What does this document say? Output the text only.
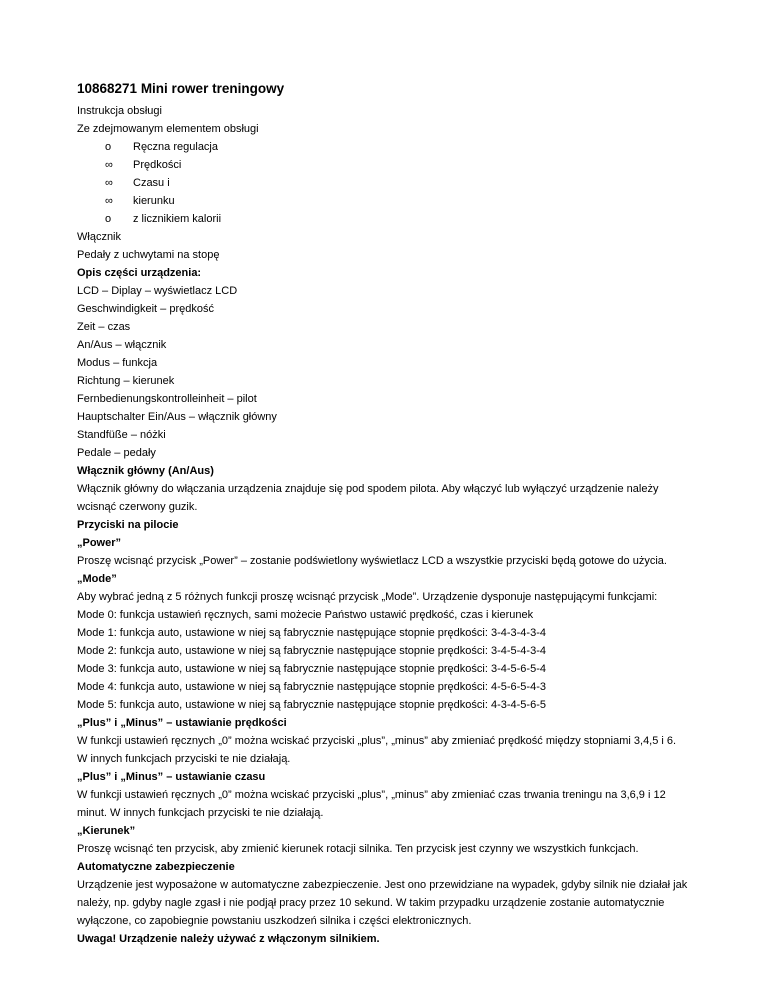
10868271 Mini rower treningowy
Instrukcja obsługi
Ze zdejmowanym elementem obsługi
o	Ręczna regulacja
∞	Prędkości
∞	Czasu i
∞	kierunku
o	z licznikiem kalorii
Włącznik
Pedały z uchwytami na stopę
Opis części urządzenia:
LCD – Diplay – wyświetlacz LCD
Geschwindigkeit – prędkość
Zeit – czas
An/Aus – włącznik
Modus – funkcja
Richtung – kierunek
Fernbedienungskontrolleinheit – pilot
Hauptschalter Ein/Aus – włącznik główny
Standfüße – nóżki
Pedale – pedały
Włącznik główny (An/Aus)
Włącznik główny do włączania urządzenia znajduje się pod spodem pilota. Aby włączyć lub wyłączyć urządzenie należy wcisnąć czerwony guzik.
Przyciski na pilocie
„Power”
Proszę wcisnąć przycisk „Power” – zostanie podświetlony wyświetlacz LCD a wszystkie przyciski będą gotowe do użycia.
„Mode”
Aby wybrać jedną z 5 różnych funkcji proszę wcisnąć przycisk „Mode”. Urządzenie dysponuje następującymi funkcjami:
Mode 0: funkcja ustawień ręcznych, sami możecie Państwo ustawić prędkość, czas i kierunek
Mode 1: funkcja auto, ustawione w niej są fabrycznie następujące stopnie prędkości: 3-4-3-4-3-4
Mode 2: funkcja auto, ustawione w niej są fabrycznie następujące stopnie prędkości: 3-4-5-4-3-4
Mode 3: funkcja auto, ustawione w niej są fabrycznie następujące stopnie prędkości: 3-4-5-6-5-4
Mode 4: funkcja auto, ustawione w niej są fabrycznie następujące stopnie prędkości: 4-5-6-5-4-3
Mode 5: funkcja auto, ustawione w niej są fabrycznie następujące stopnie prędkości: 4-3-4-5-6-5
„Plus” i „Minus” – ustawianie prędkości
W funkcji ustawień ręcznych „0” można wciskać przyciski „plus”, „minus” aby zmieniać prędkość między stopniami 3,4,5 i 6.
W innych funkcjach przyciski te nie działają.
„Plus” i „Minus” – ustawianie czasu
W funkcji ustawień ręcznych „0” można wciskać przyciski „plus”, „minus” aby zmieniać czas trwania treningu na 3,6,9 i 12
minut. W innych funkcjach przyciski te nie działają.
„Kierunek”
Proszę wcisnąć ten przycisk, aby zmienić kierunek rotacji silnika. Ten przycisk jest czynny we wszystkich funkcjach.
Automatyczne zabezpieczenie
Urządzenie jest wyposażone w automatyczne zabezpieczenie. Jest ono przewidziane na wypadek, gdyby silnik nie działał jak
należy, np. gdyby nagle zgasł i nie podjął pracy przez 10 sekund. W takim przypadku urządzenie zostanie automatycznie
wyłączone, co zapobiegnie powstaniu uszkodzeń silnika i części elektronicznych.
Uwaga! Urządzenie należy używać z włączonym silnikiem.
